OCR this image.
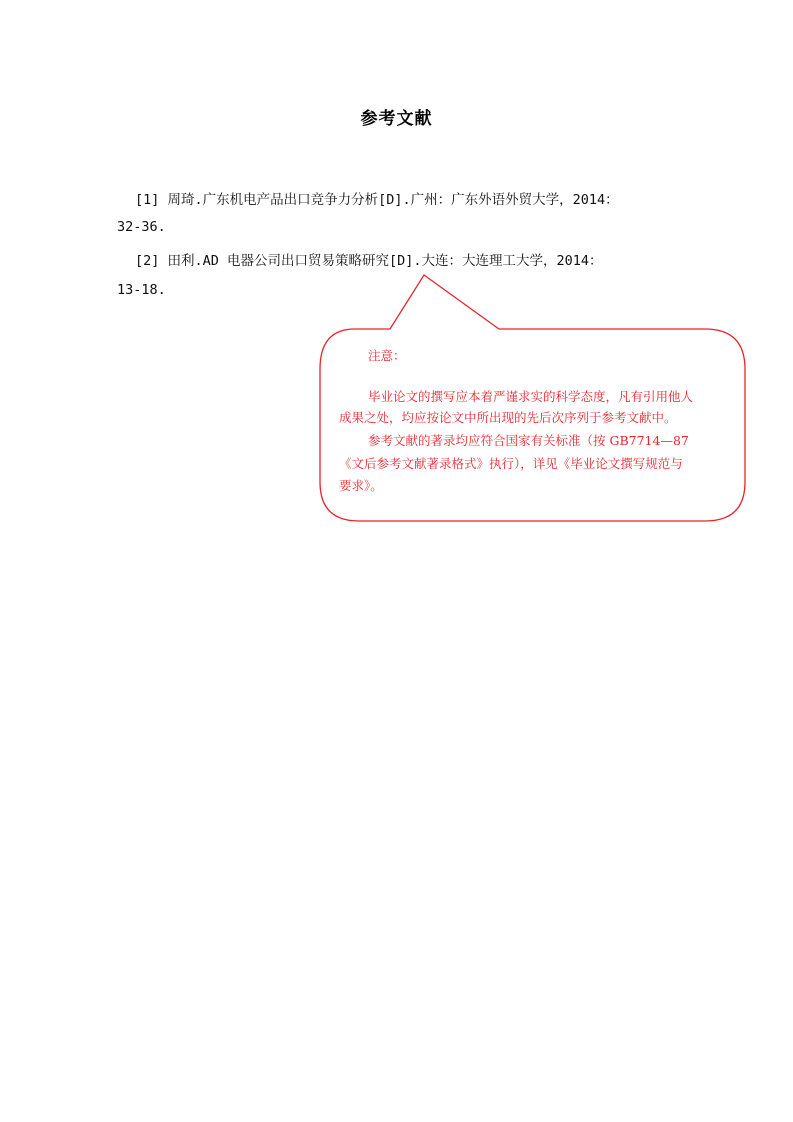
参考文献
[1] 周琦.广东机电产品出口竞争力分析[D].广州：广东外语外贸大学，2014：
32-36.
[2] 田利.AD 电器公司出口贸易策略研究[D].大连：大连理工大学，2014：
13-18.
注意：
毕业论文的撰写应本着严谨求实的科学态度，凡有引用他人
成果之处，均应按论文中所出现的先后次序列于参考文献中。
参考文献的著录均应符合国家有关标准（按 GB7714—87
《文后参考文献著录格式》执行），详见《毕业论文撰写规范与
要求》。
